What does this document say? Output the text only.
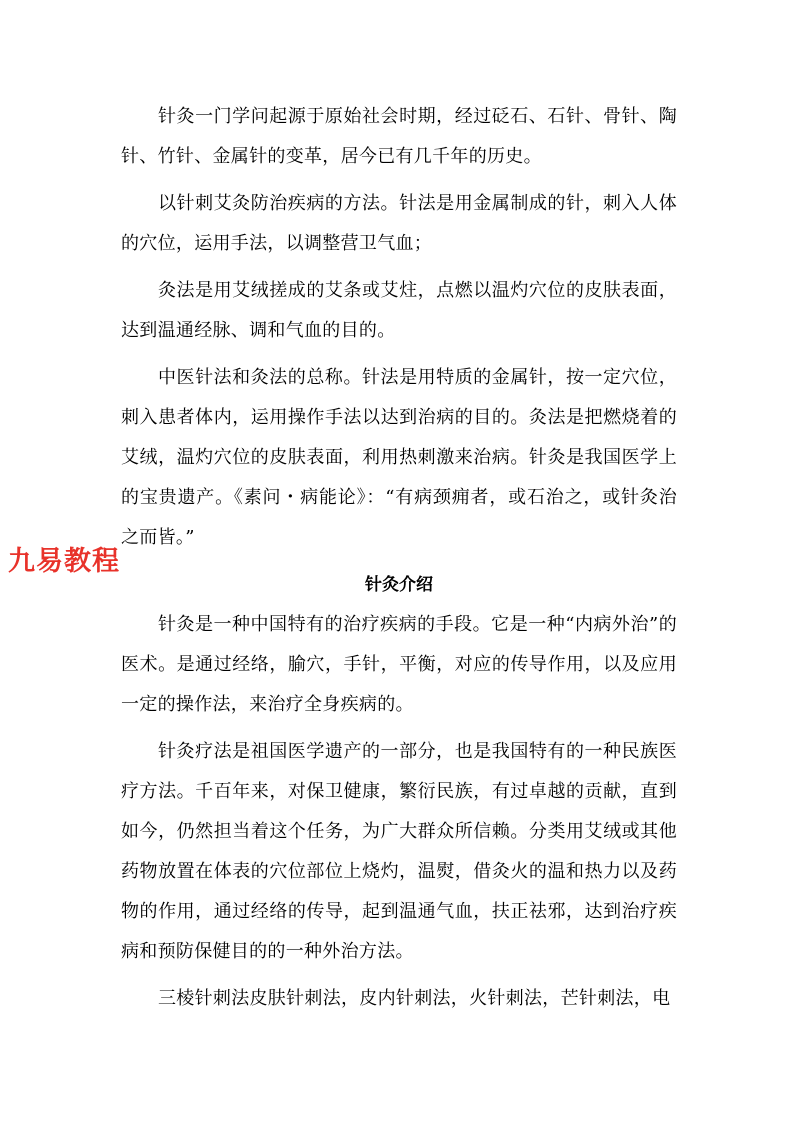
针灸一门学问起源于原始社会时期，经过砭石、石针、骨针、陶针、竹针、金属针的变革，居今已有几千年的历史。

以针刺艾灸防治疾病的方法。针法是用金属制成的针，刺入人体的穴位，运用手法，以调整营卫气血；

灸法是用艾绒搓成的艾条或艾炷，点燃以温灼穴位的皮肤表面，达到温通经脉、调和气血的目的。

中医针法和灸法的总称。针法是用特质的金属针，按一定穴位，刺入患者体内，运用操作手法以达到治病的目的。灸法是把燃烧着的艾绒，温灼穴位的皮肤表面，利用热刺激来治病。针灸是我国医学上的宝贵遗产。《素问・病能论》：“有病颈痈者，或石治之，或针灸治之而皆。”

针灸介绍

针灸是一种中国特有的治疗疾病的手段。它是一种“内病外治”的医术。是通过经络，腧穴，手针，平衡，对应的传导作用，以及应用一定的操作法，来治疗全身疾病的。

针灸疗法是祖国医学遗产的一部分，也是我国特有的一种民族医疗方法。千百年来，对保卫健康，繁衍民族，有过卓越的贡献，直到如今，仍然担当着这个任务，为广大群众所信赖。分类用艾绒或其他药物放置在体表的穴位部位上烧灼，温熨，借灸火的温和热力以及药物的作用，通过经络的传导，起到温通气血，扶正祛邪，达到治疗疾病和预防保健目的的一种外治方法。

三棱针刺法皮肤针刺法，皮内针刺法，火针刺法，芒针刺法，电

九易教程
